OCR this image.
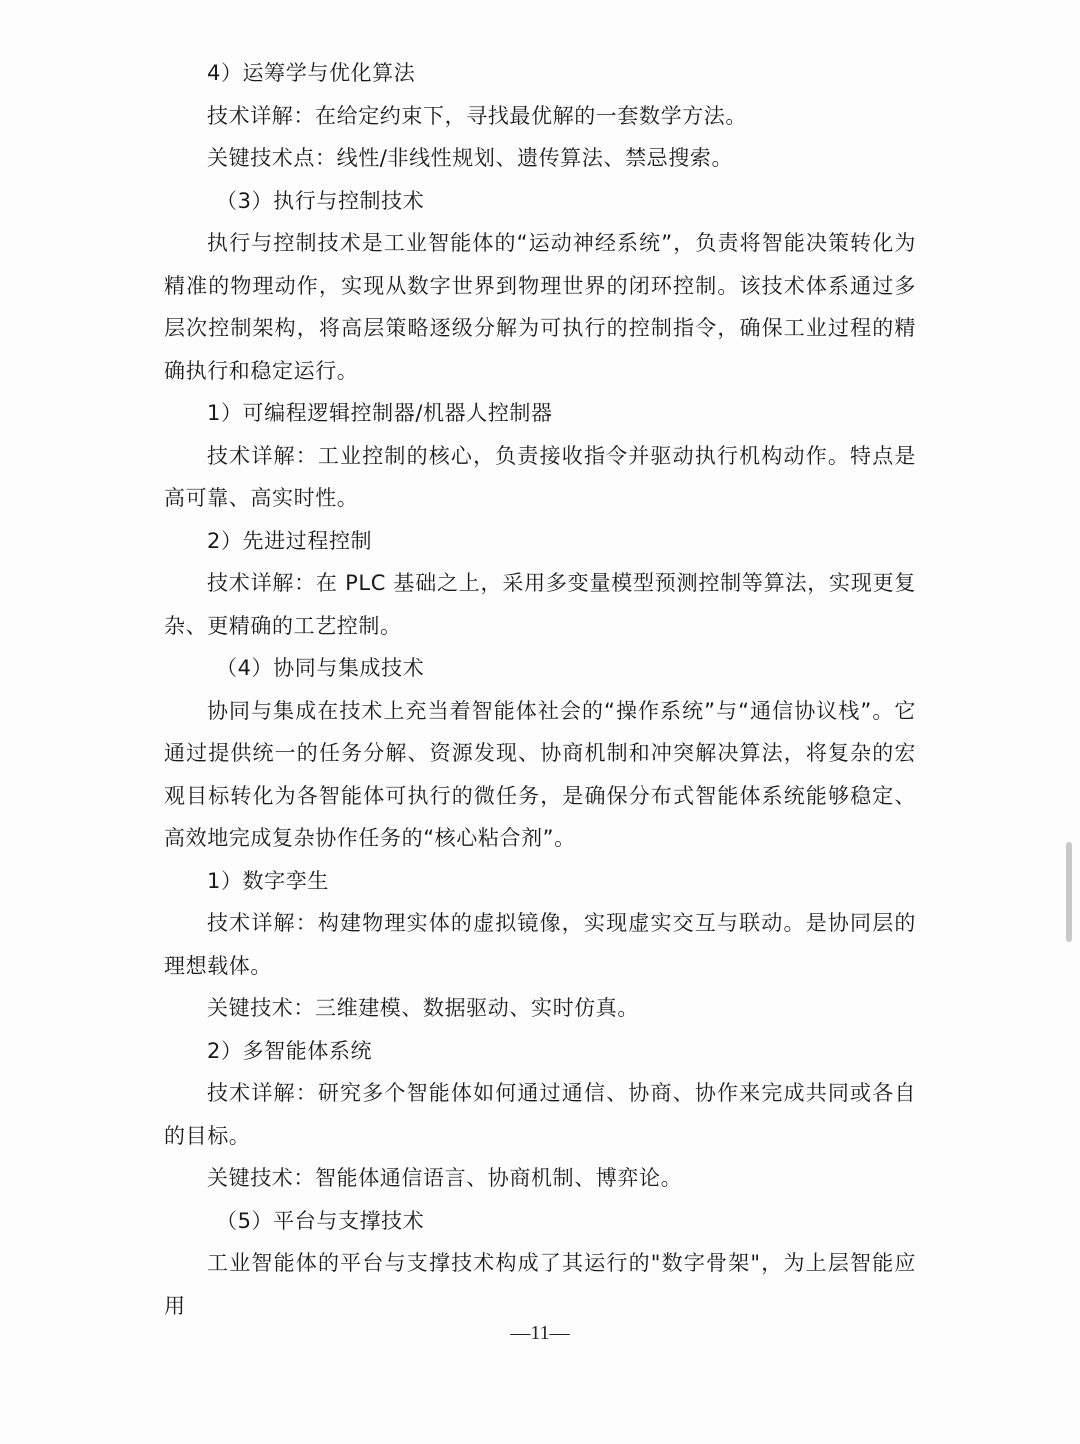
4）运筹学与优化算法

技术详解：在给定约束下，寻找最优解的一套数学方法。

关键技术点：线性/非线性规划、遗传算法、禁忌搜索。

（3）执行与控制技术

执行与控制技术是工业智能体的“运动神经系统”，负责将智能决策转化为精准的物理动作，实现从数字世界到物理世界的闭环控制。该技术体系通过多层次控制架构，将高层策略逐级分解为可执行的控制指令，确保工业过程的精确执行和稳定运行。

1）可编程逻辑控制器/机器人控制器

技术详解：工业控制的核心，负责接收指令并驱动执行机构动作。特点是高可靠、高实时性。

2）先进过程控制

技术详解：在 PLC 基础之上，采用多变量模型预测控制等算法，实现更复杂、更精确的工艺控制。

（4）协同与集成技术

协同与集成在技术上充当着智能体社会的“操作系统”与“通信协议栈”。它通过提供统一的任务分解、资源发现、协商机制和冲突解决算法，将复杂的宏观目标转化为各智能体可执行的微任务，是确保分布式智能体系统能够稳定、高效地完成复杂协作任务的“核心粘合剂”。

1）数字孪生

技术详解：构建物理实体的虚拟镜像，实现虚实交互与联动。是协同层的理想载体。

关键技术：三维建模、数据驱动、实时仿真。

2）多智能体系统

技术详解：研究多个智能体如何通过通信、协商、协作来完成共同或各自的目标。

关键技术：智能体通信语言、协商机制、博弈论。

（5）平台与支撑技术

工业智能体的平台与支撑技术构成了其运行的"数字骨架"，为上层智能应用

—11—
